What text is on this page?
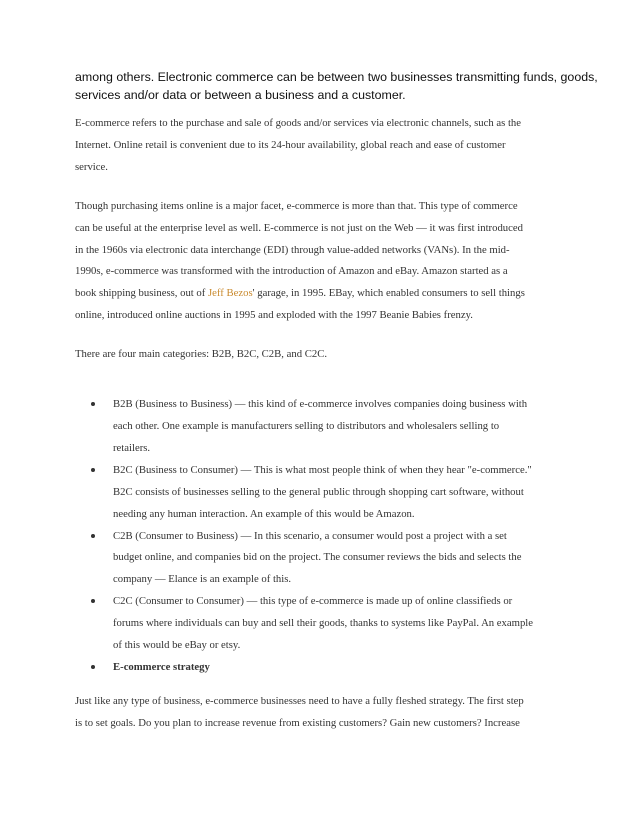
among others. Electronic commerce can be between two businesses transmitting funds, goods,
services and/or data or between a business and a customer.

E-commerce refers to the purchase and sale of goods and/or services via electronic channels, such as the
Internet. Online retail is convenient due to its 24-hour availability, global reach and ease of customer
service.

Though purchasing items online is a major facet, e-commerce is more than that. This type of commerce
can be useful at the enterprise level as well. E-commerce is not just on the Web — it was first introduced
in the 1960s via electronic data interchange (EDI) through value-added networks (VANs). In the mid-
1990s, e-commerce was transformed with the introduction of Amazon and eBay. Amazon started as a
book shipping business, out of Jeff Bezos' garage, in 1995. EBay, which enabled consumers to sell things
online, introduced online auctions in 1995 and exploded with the 1997 Beanie Babies frenzy.

There are four main categories: B2B, B2C, C2B, and C2C.

B2B (Business to Business) — this kind of e-commerce involves companies doing business with
each other. One example is manufacturers selling to distributors and wholesalers selling to
retailers.
B2C (Business to Consumer) — This is what most people think of when they hear "e-commerce."
B2C consists of businesses selling to the general public through shopping cart software, without
needing any human interaction. An example of this would be Amazon.
C2B (Consumer to Business) — In this scenario, a consumer would post a project with a set
budget online, and companies bid on the project. The consumer reviews the bids and selects the
company — Elance is an example of this.
C2C (Consumer to Consumer) — this type of e-commerce is made up of online classifieds or
forums where individuals can buy and sell their goods, thanks to systems like PayPal. An example
of this would be eBay or etsy.
E-commerce strategy

Just like any type of business, e-commerce businesses need to have a fully fleshed strategy. The first step
is to set goals. Do you plan to increase revenue from existing customers? Gain new customers? Increase
